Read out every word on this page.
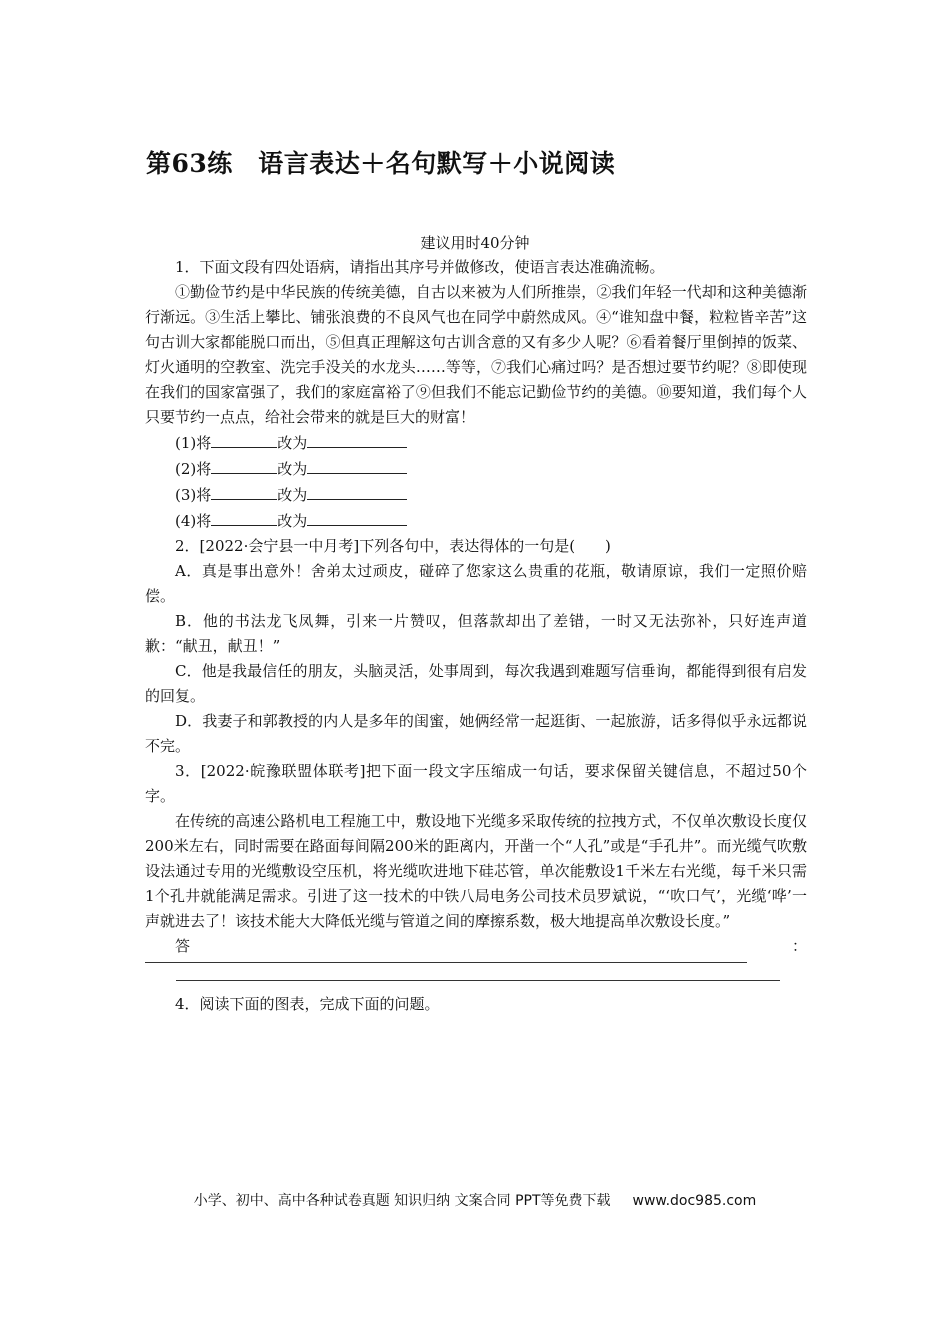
第63练　语言表达＋名句默写＋小说阅读
建议用时40分钟

1．下面文段有四处语病，请指出其序号并做修改，使语言表达准确流畅。

①勤俭节约是中华民族的传统美德，自古以来被为人们所推崇，②我们年轻一代却和这种美德渐行渐远。③生活上攀比、铺张浪费的不良风气也在同学中蔚然成风。④“谁知盘中餐，粒粒皆辛苦”这句古训大家都能脱口而出，⑤但真正理解这句古训含意的又有多少人呢？⑥看着餐厅里倒掉的饭菜、灯火通明的空教室、洗完手没关的水龙头……等等，⑦我们心痛过吗？是否想过要节约呢？⑧即使现在我们的国家富强了，我们的家庭富裕了⑨但我们不能忘记勤俭节约的美德。⑩要知道，我们每个人只要节约一点点，给社会带来的就是巨大的财富！

(1)将	改为
(2)将	改为
(3)将	改为
(4)将	改为

2．[2022·会宁县一中月考]下列各句中，表达得体的一句是(　　)

A．真是事出意外！舍弟太过顽皮，碰碎了您家这么贵重的花瓶，敬请原谅，我们一定照价赔偿。

B．他的书法龙飞凤舞，引来一片赞叹，但落款却出了差错，一时又无法弥补，只好连声道歉：“献丑，献丑！”

C．他是我最信任的朋友，头脑灵活，处事周到，每次我遇到难题写信垂询，都能得到很有启发的回复。

D．我妻子和郭教授的内人是多年的闺蜜，她俩经常一起逛街、一起旅游，话多得似乎永远都说不完。

3．[2022·皖豫联盟体联考]把下面一段文字压缩成一句话，要求保留关键信息，不超过50个字。

在传统的高速公路机电工程施工中，敷设地下光缆多采取传统的拉拽方式，不仅单次敷设长度仅200米左右，同时需要在路面每间隔200米的距离内，开凿一个“人孔”或是“手孔井”。而光缆气吹敷设法通过专用的光缆敷设空压机，将光缆吹进地下硅芯管，单次能敷设1千米左右光缆，每千米只需1个孔井就能满足需求。引进了这一技术的中铁八局电务公司技术员罗斌说，“‘吹口气’，光缆‘哗’一声就进去了！该技术能大大降低光缆与管道之间的摩擦系数，极大地提高单次敷设长度。”

答	：

4．阅读下面的图表，完成下面的问题。

小学、初中、高中各种试卷真题 知识归纳 文案合同 PPT等免费下载 www.doc985.com
